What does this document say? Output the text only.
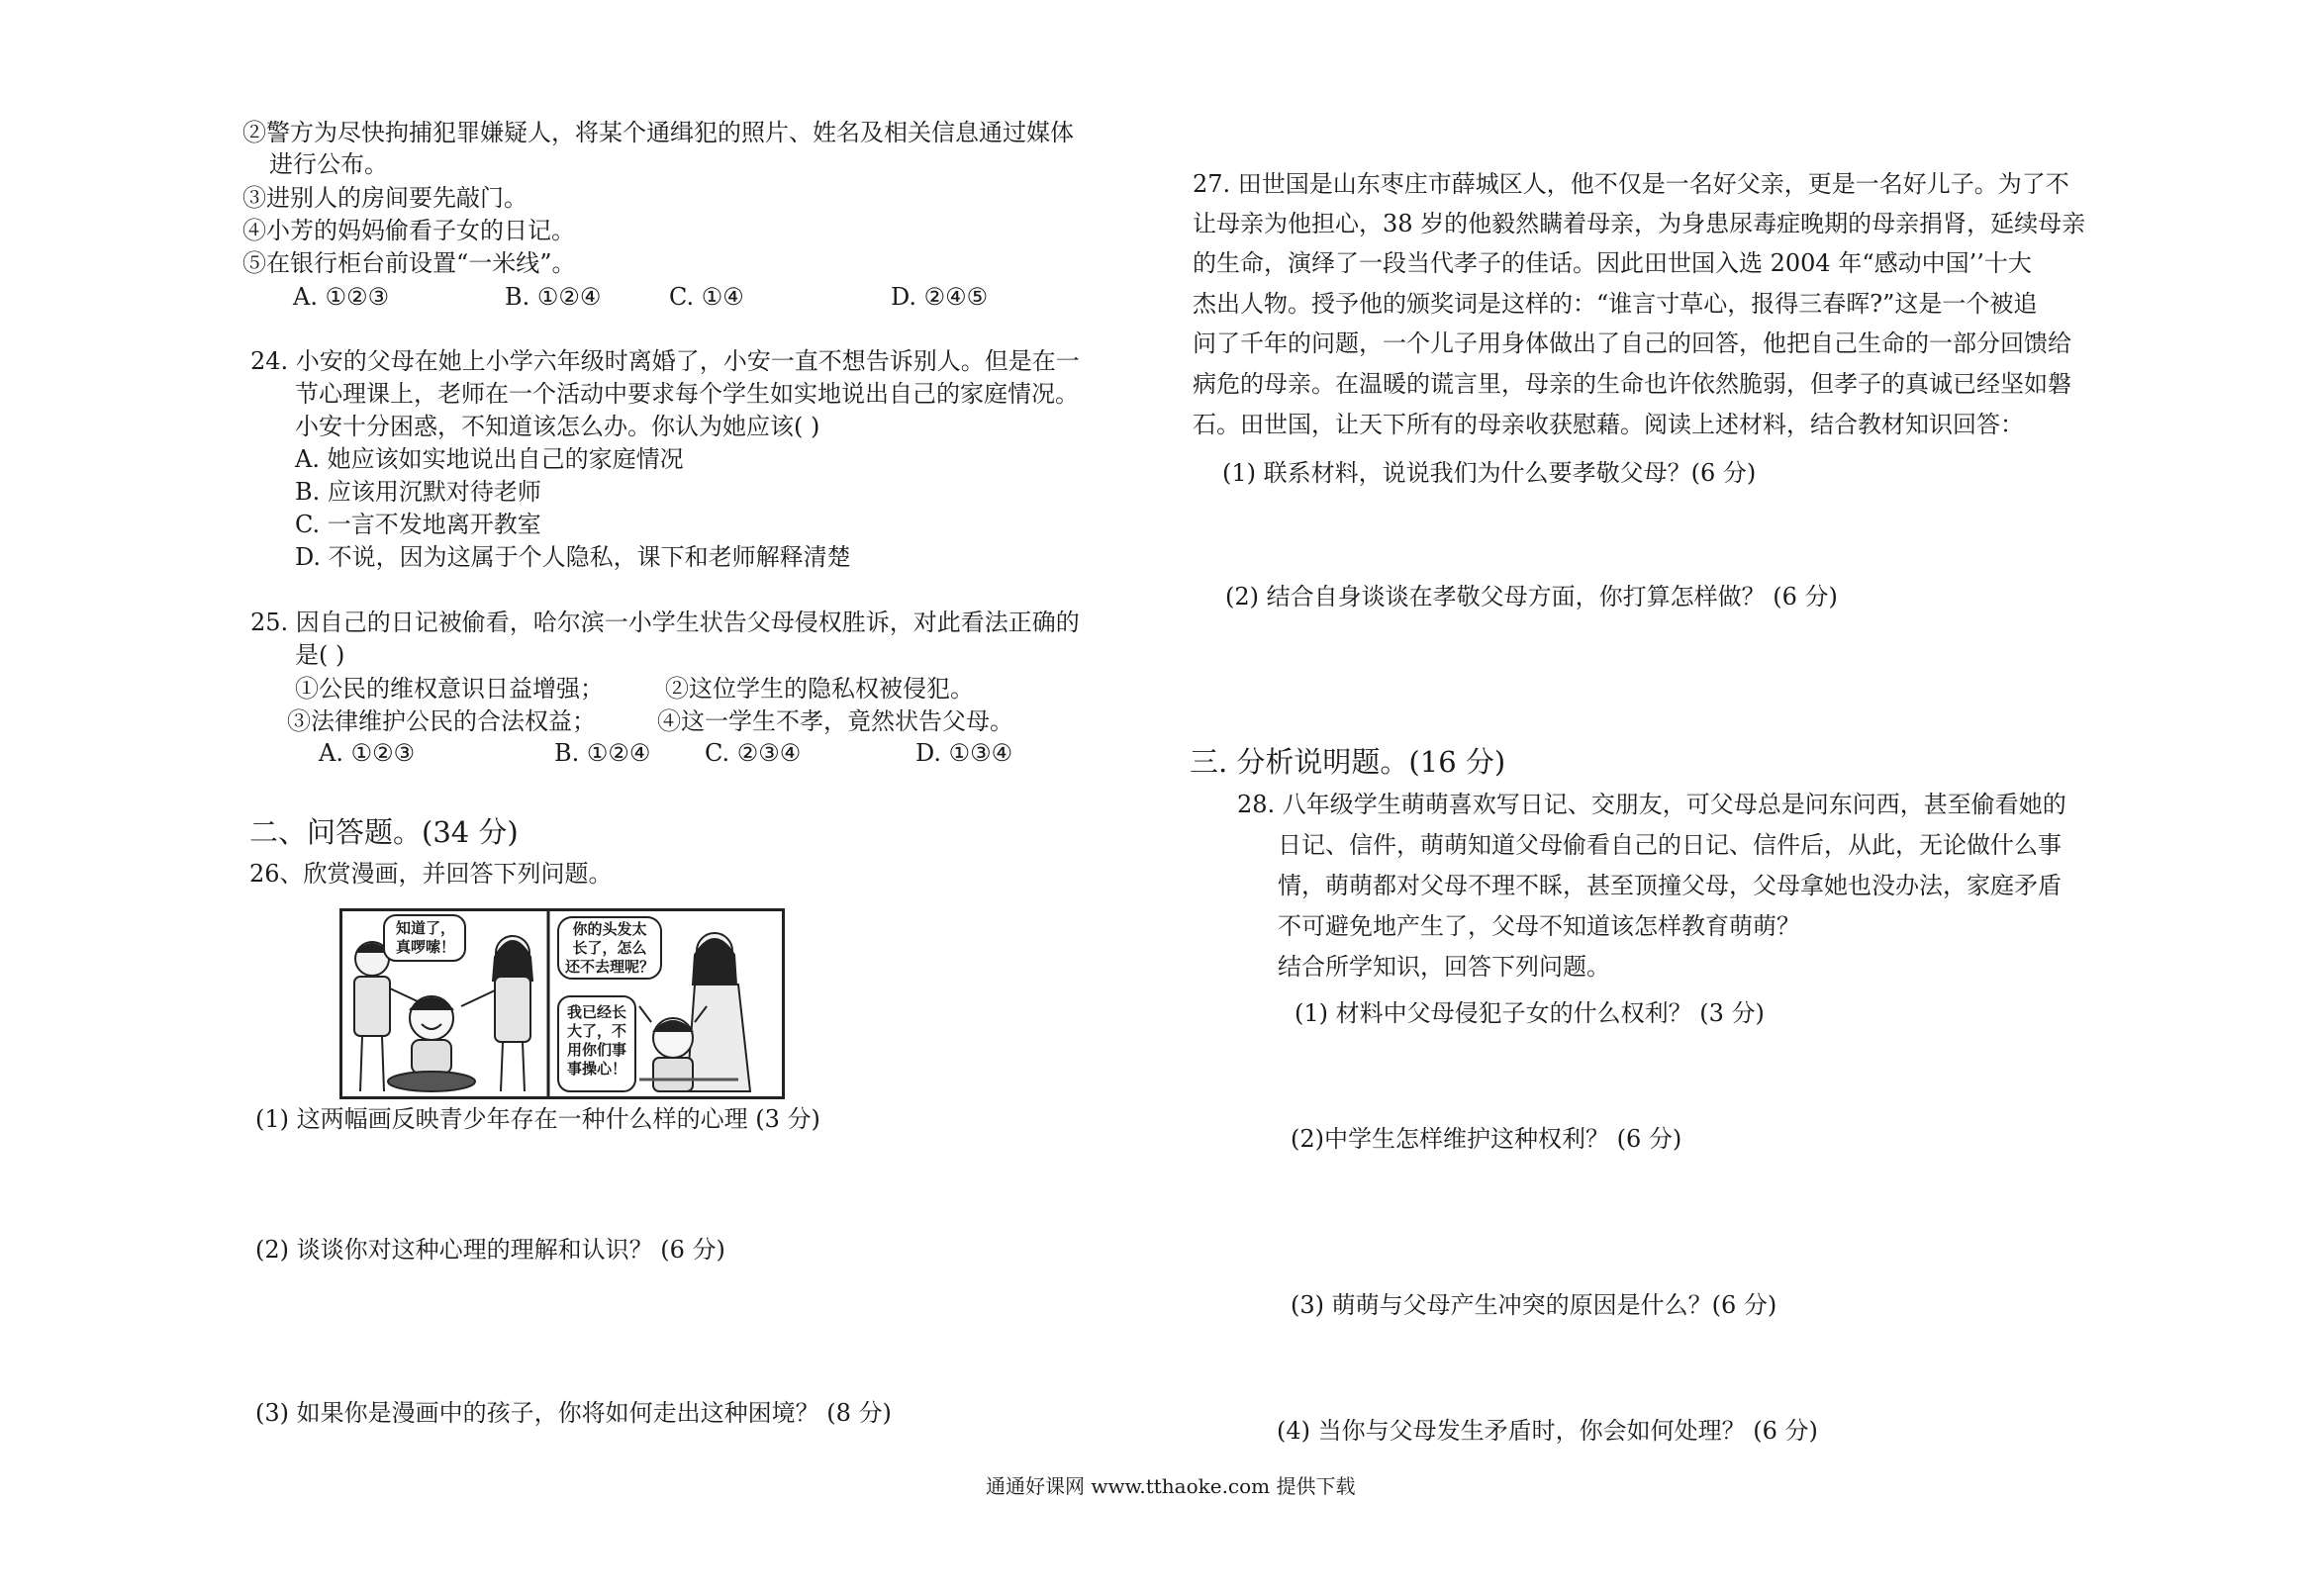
②警方为尽快拘捕犯罪嫌疑人，将某个通缉犯的照片、姓名及相关信息通过媒体
进行公布。
③进别人的房间要先敲门。
④小芳的妈妈偷看子女的日记。
⑤在银行柜台前设置“一米线”。
A. ①②③	B. ①②④	C. ①④	D. ②④⑤
24. 小安的父母在她上小学六年级时离婚了，小安一直不想告诉别人。但是在一
节心理课上，老师在一个活动中要求每个学生如实地说出自己的家庭情况。
小安十分困惑，不知道该怎么办。你认为她应该( )
A. 她应该如实地说出自己的家庭情况
B. 应该用沉默对待老师
C. 一言不发地离开教室
D. 不说，因为这属于个人隐私，课下和老师解释清楚
25. 因自己的日记被偷看，哈尔滨一小学生状告父母侵权胜诉，对此看法正确的
是( )
①公民的维权意识日益增强；	②这位学生的隐私权被侵犯。
③法律维护公民的合法权益；	④这一学生不孝，竟然状告父母。
A. ①②③	B. ①②④ C. ②③④	D. ①③④
二、问答题。(34 分)
26、欣赏漫画，并回答下列问题。
知道了，
真啰嗦！
你的头发太
长了，怎么
还不去理呢？
我已经长
大了，不
用你们事
事操心！
(1) 这两幅画反映青少年存在一种什么样的心理 (3 分)
(2) 谈谈你对这种心理的理解和认识？ (6 分)
(3) 如果你是漫画中的孩子，你将如何走出这种困境？ (8 分)
27. 田世国是山东枣庄市薛城区人，他不仅是一名好父亲，更是一名好儿子。为了不
让母亲为他担心，38 岁的他毅然瞒着母亲，为身患尿毒症晚期的母亲捐肾，延续母亲
的生命，演绎了一段当代孝子的佳话。因此田世国入选 2004 年“感动中国’’十大
杰出人物。授予他的颁奖词是这样的：“谁言寸草心，报得三春晖?”这是一个被追
问了千年的问题，一个儿子用身体做出了自己的回答，他把自己生命的一部分回馈给
病危的母亲。在温暖的谎言里，母亲的生命也许依然脆弱，但孝子的真诚已经坚如磐
石。田世国，让天下所有的母亲收获慰藉。阅读上述材料，结合教材知识回答：
(1) 联系材料，说说我们为什么要孝敬父母？(6 分)
(2) 结合自身谈谈在孝敬父母方面，你打算怎样做？ (6 分)
三. 分析说明题。(16 分)
28. 八年级学生萌萌喜欢写日记、交朋友，可父母总是问东问西，甚至偷看她的
日记、信件，萌萌知道父母偷看自己的日记、信件后，从此，无论做什么事
情，萌萌都对父母不理不睬，甚至顶撞父母，父母拿她也没办法，家庭矛盾
不可避免地产生了，父母不知道该怎样教育萌萌？
结合所学知识，回答下列问题。
(1) 材料中父母侵犯子女的什么权利？ (3 分)
(2)中学生怎样维护这种权利？ (6 分)
(3) 萌萌与父母产生冲突的原因是什么？(6 分)
(4) 当你与父母发生矛盾时，你会如何处理？ (6 分)
通通好课网 www.tthaoke.com 提供下载
